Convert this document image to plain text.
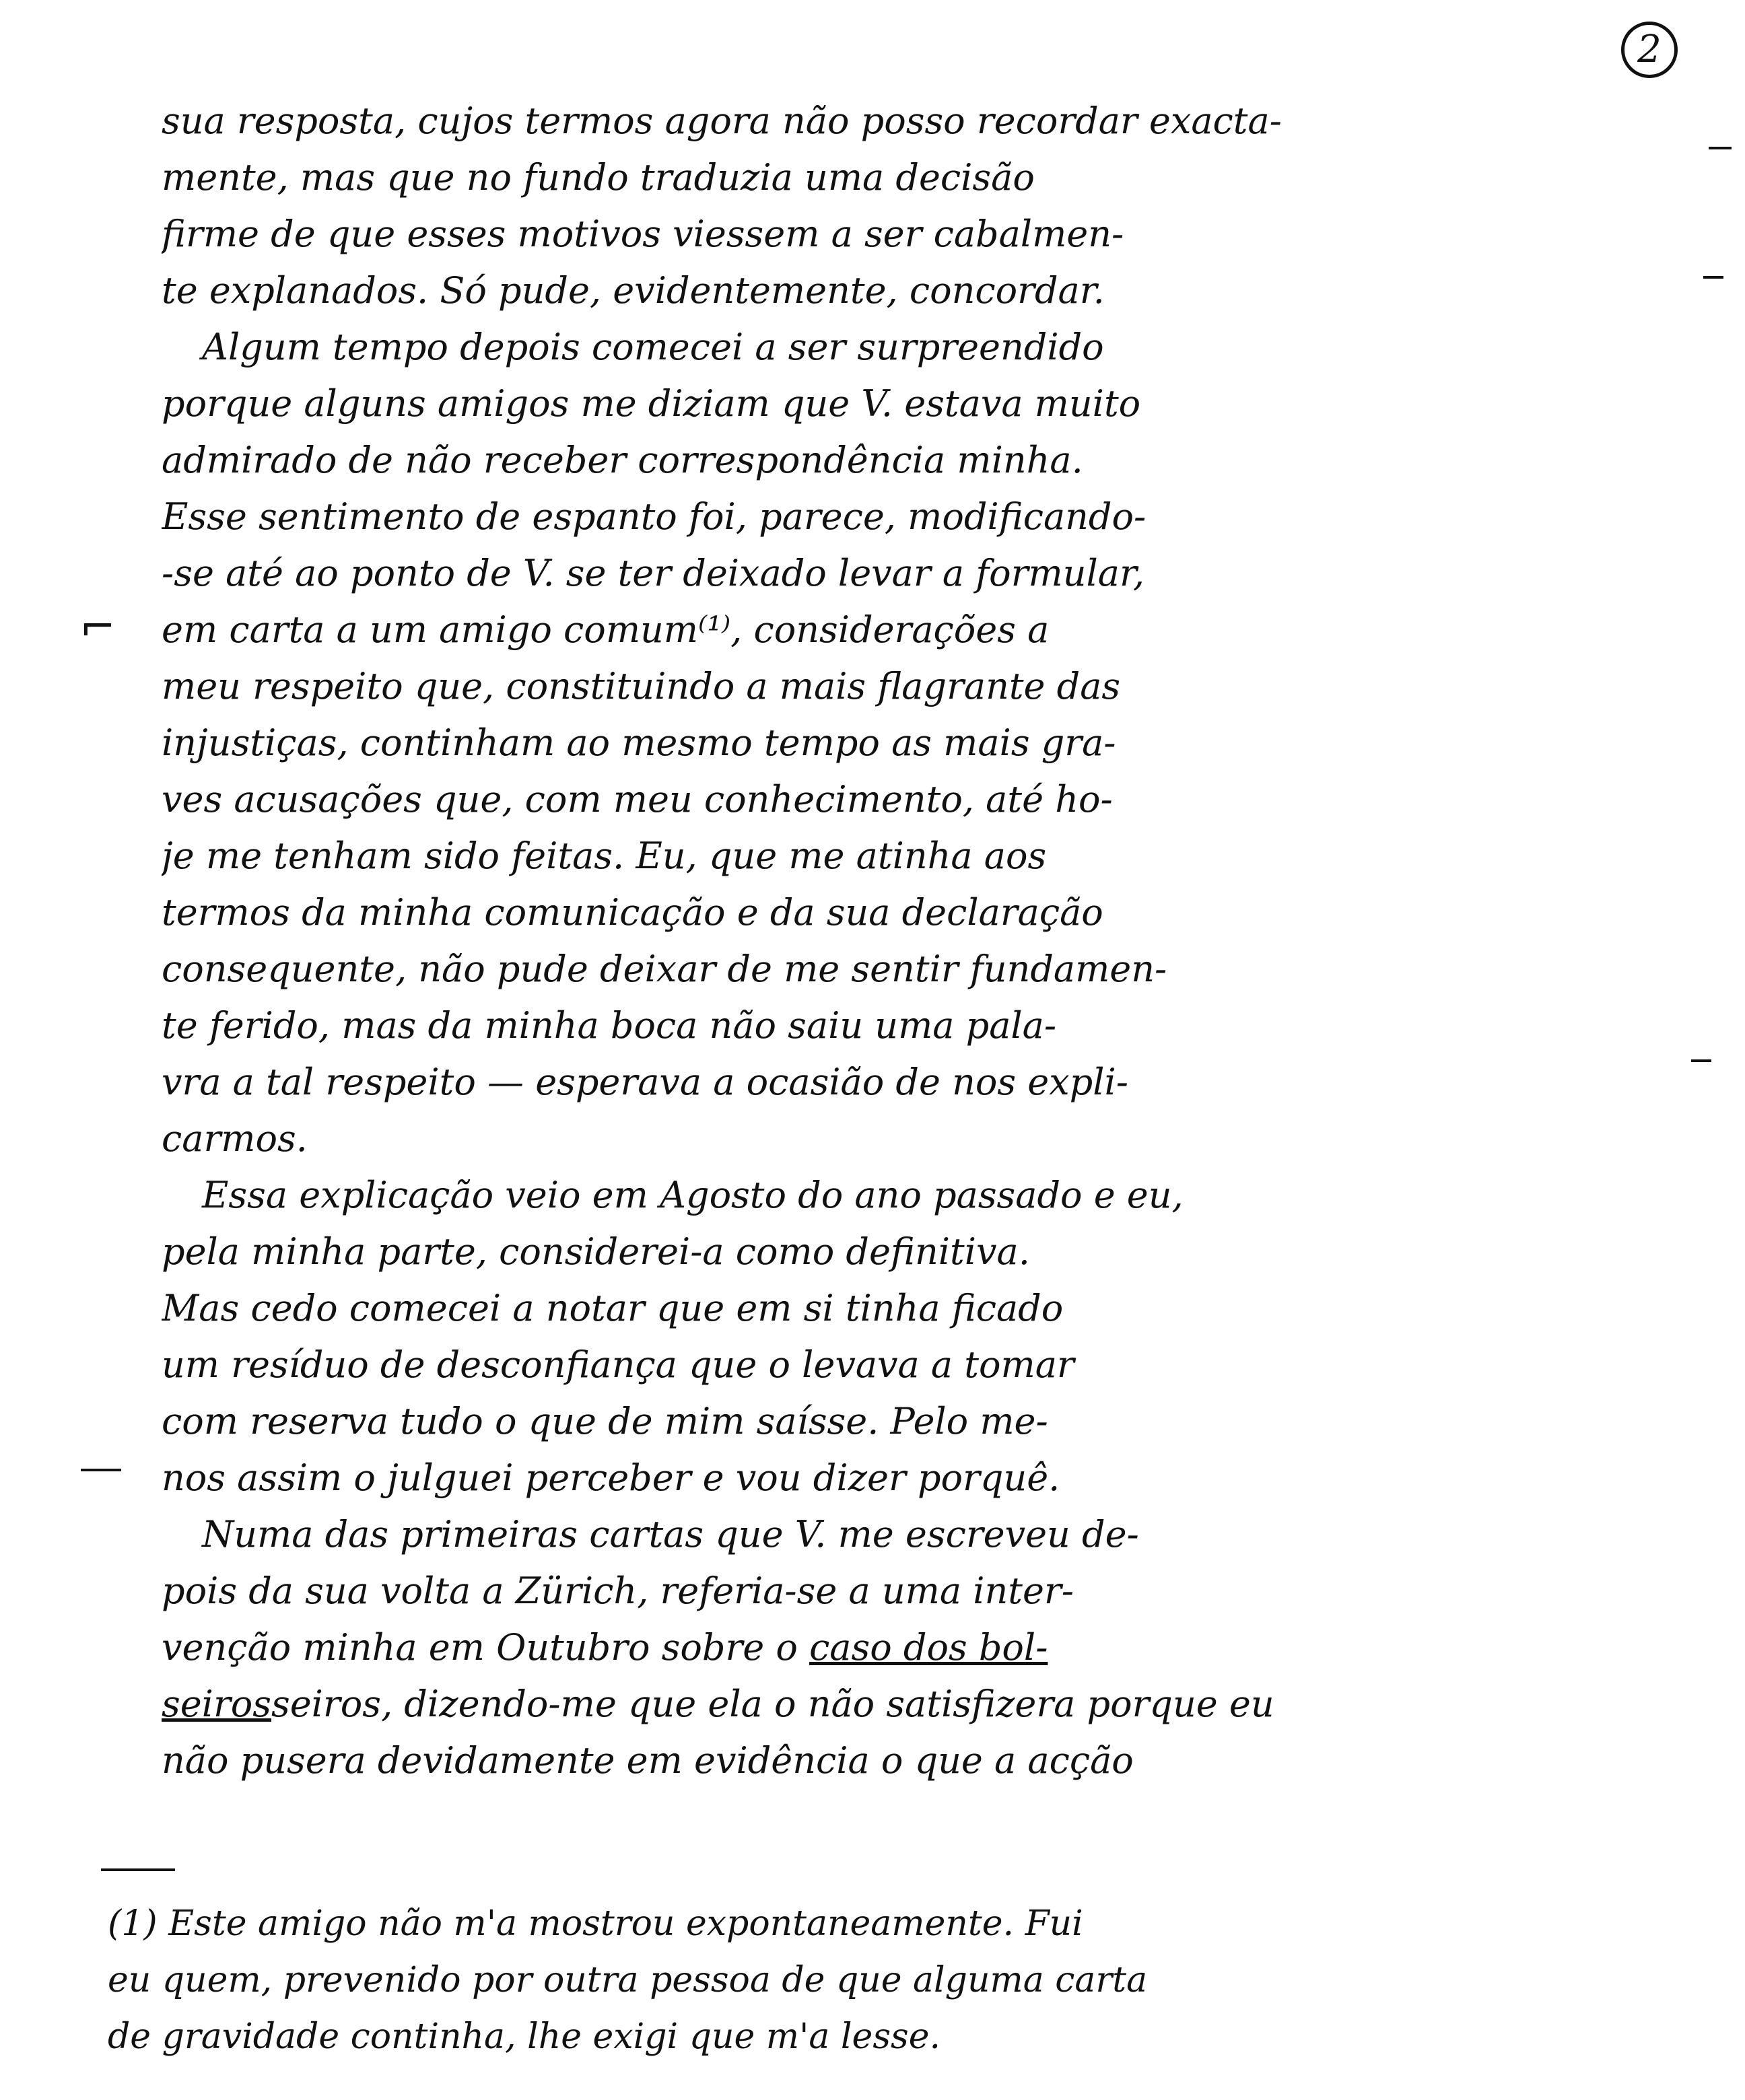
2
sua resposta, cujos termos agora não posso recordar exacta-
mente, mas que no fundo traduzia uma decisão
firme de que esses motivos viessem a ser cabalmen-
te explanados. Só pude, evidentemente, concordar.
Algum tempo depois comecei a ser surpreendido
porque alguns amigos me diziam que V. estava muito
admirado de não receber correspondência minha.
Esse sentimento de espanto foi, parece, modificando-
-se até ao ponto de V. se ter deixado levar a formular,
em carta a um amigo comum⁽¹⁾, considerações a
meu respeito que, constituindo a mais flagrante das
injustiças, continham ao mesmo tempo as mais gra-
ves acusações que, com meu conhecimento, até ho-
je me tenham sido feitas. Eu, que me atinha aos
termos da minha comunicação e da sua declaração
consequente, não pude deixar de me sentir fundamen-
te ferido, mas da minha boca não saiu uma pala-
vra a tal respeito — esperava a ocasião de nos expli-
carmos.
Essa explicação veio em Agosto do ano passado e eu,
pela minha parte, considerei-a como definitiva.
Mas cedo comecei a notar que em si tinha ficado
um resíduo de desconfiança que o levava a tomar
com reserva tudo o que de mim saísse. Pelo me-
nos assim o julguei perceber e vou dizer porquê.
Numa das primeiras cartas que V. me escreveu de-
pois da sua volta a Zürich, referia-se a uma inter-
venção minha em Outubro sobre o caso dos bol-
seirosseiros, dizendo-me que ela o não satisfizera porque eu
não pusera devidamente em evidência o que a acção
⌐
(1) Este amigo não m'a mostrou expontaneamente. Fui
eu quem, prevenido por outra pessoa de que alguma carta
de gravidade continha, lhe exigi que m'a lesse.
